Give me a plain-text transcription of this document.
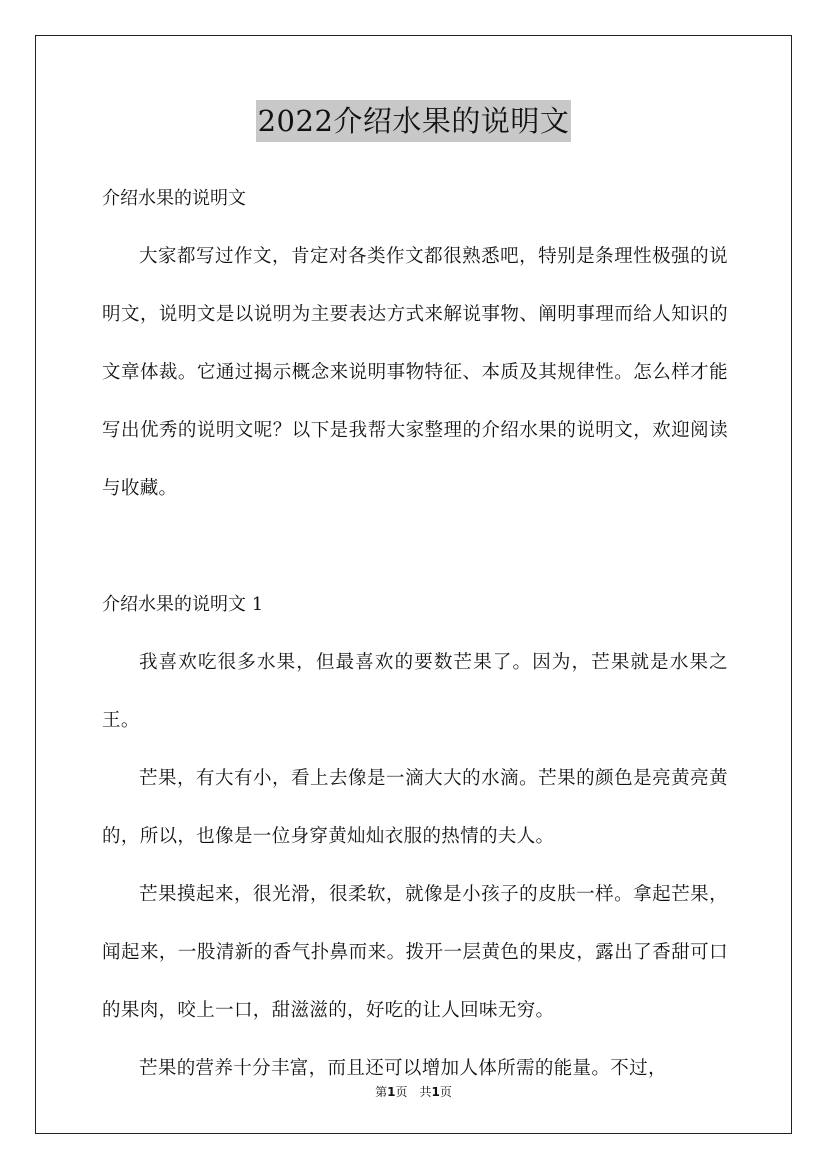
2022介绍水果的说明文
介绍水果的说明文

大家都写过作文，肯定对各类作文都很熟悉吧，特别是条理性极强的说明文，说明文是以说明为主要表达方式来解说事物、阐明事理而给人知识的文章体裁。它通过揭示概念来说明事物特征、本质及其规律性。怎么样才能写出优秀的说明文呢？以下是我帮大家整理的介绍水果的说明文，欢迎阅读与收藏。

介绍水果的说明文 1

我喜欢吃很多水果，但最喜欢的要数芒果了。因为，芒果就是水果之王。

芒果，有大有小，看上去像是一滴大大的水滴。芒果的颜色是亮黄亮黄的，所以，也像是一位身穿黄灿灿衣服的热情的夫人。

芒果摸起来，很光滑，很柔软，就像是小孩子的皮肤一样。拿起芒果，闻起来，一股清新的香气扑鼻而来。拨开一层黄色的果皮，露出了香甜可口的果肉，咬上一口，甜滋滋的，好吃的让人回味无穷。

芒果的营养十分丰富，而且还可以增加人体所需的能量。不过，

第1页　共1页
